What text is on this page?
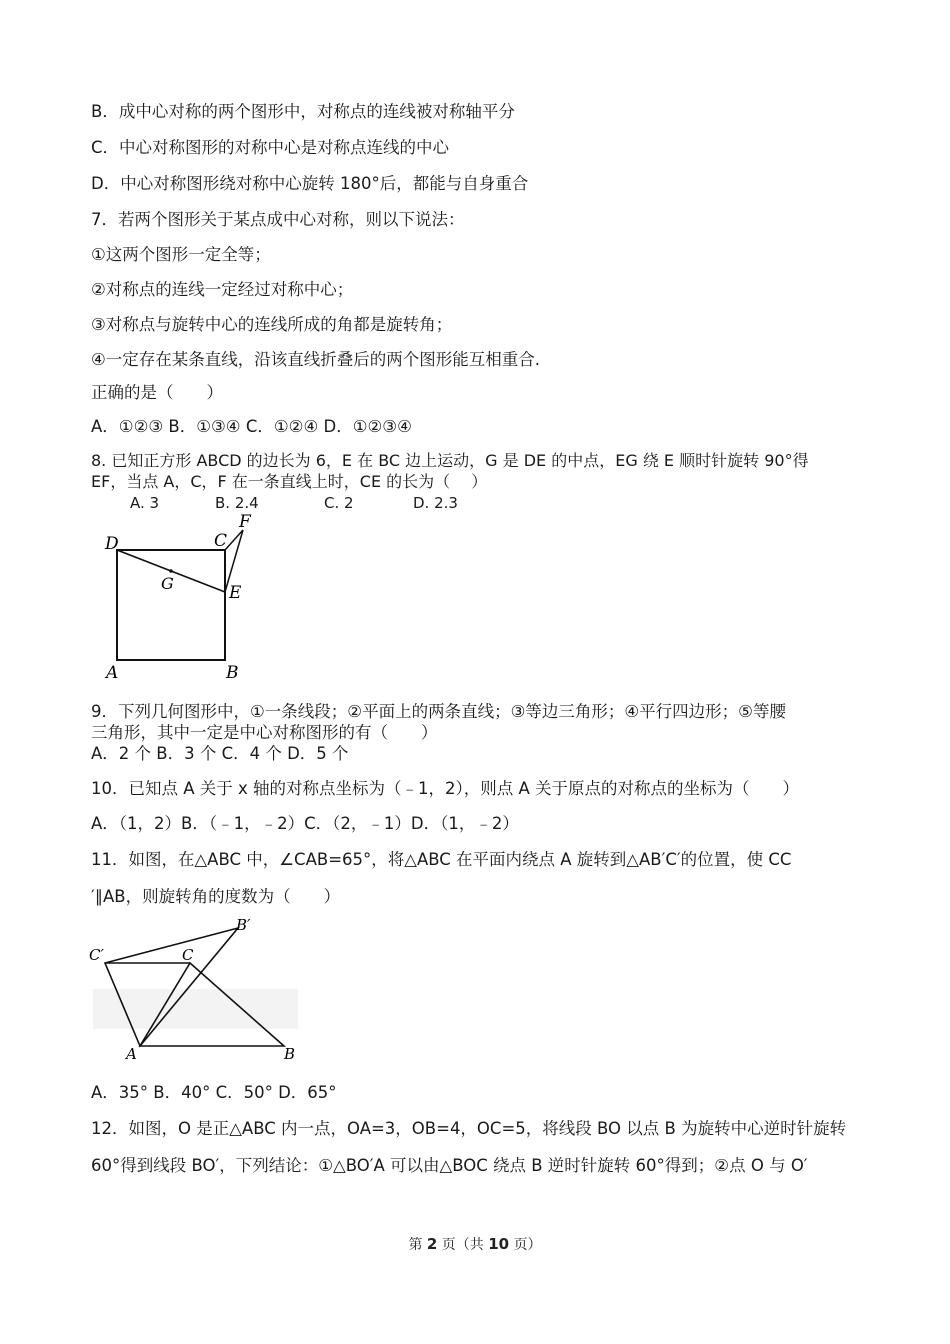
B．成中心对称的两个图形中，对称点的连线被对称轴平分
C．中心对称图形的对称中心是对称点连线的中心
D．中心对称图形绕对称中心旋转 180°后，都能与自身重合
7．若两个图形关于某点成中心对称，则以下说法：
①这两个图形一定全等；
②对称点的连线一定经过对称中心；
③对称点与旋转中心的连线所成的角都是旋转角；
④一定存在某条直线，沿该直线折叠后的两个图形能互相重合.
正确的是（　　）
A．①②③ B．①③④ C．①②④ D．①②③④
8. 已知正方形 ABCD 的边长为 6，E 在 BC 边上运动，G 是 DE 的中点，EG 绕 E 顺时针旋转 90°得
EF，当点 A，C，F 在一条直线上时，CE 的长为（　 ）
A. 3	B. 2.4	C. 2	D. 2.3
D	C
F
G	E
A	B
9．下列几何图形中，①一条线段；②平面上的两条直线；③等边三角形；④平行四边形；⑤等腰
三角形，其中一定是中心对称图形的有（　　）
A．2 个 B．3 个 C．4 个 D．5 个
10．已知点 A 关于 x 轴的对称点坐标为（﹣1，2），则点 A 关于原点的对称点的坐标为（　　）
A．（1，2）B．（﹣1，﹣2）C．（2，﹣1）D．（1，﹣2）
11．如图，在△ABC 中，∠CAB=65°，将△ABC 在平面内绕点 A 旋转到△AB′C′的位置，使 CC
′∥AB，则旋转角的度数为（　　）
C′	C
B′
A	B
A．35° B．40° C．50° D．65°
12．如图，O 是正△ABC 内一点，OA=3，OB=4，OC=5，将线段 BO 以点 B 为旋转中心逆时针旋转
60°得到线段 BO′，下列结论：①△BO′A 可以由△BOC 绕点 B 逆时针旋转 60°得到；②点 O 与 O′
第 2 页（共 10 页）
